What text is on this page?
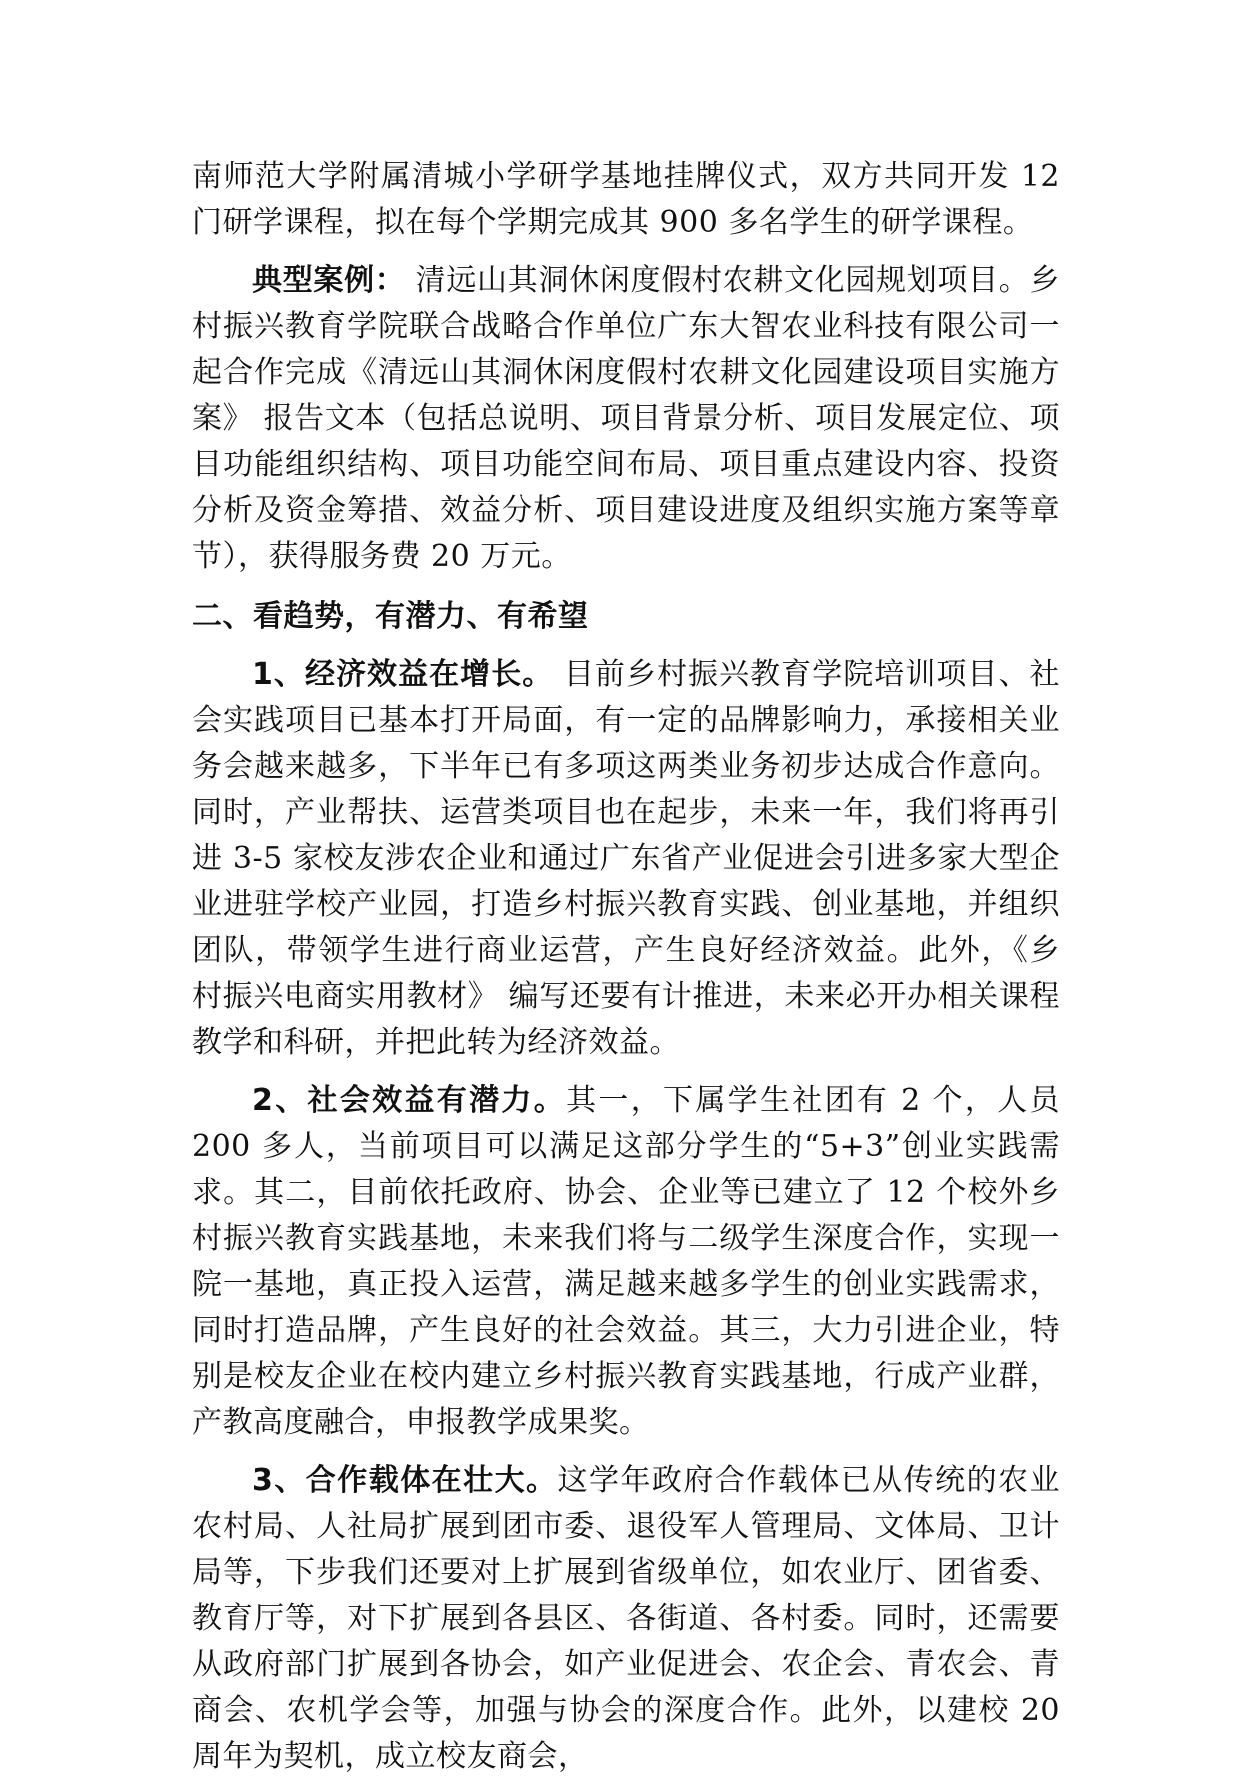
南师范大学附属清城小学研学基地挂牌仪式，双方共同开发 12 门研学课程，拟在每个学期完成其 900 多名学生的研学课程。

典型案例： 清远山其洞休闲度假村农耕文化园规划项目。乡村振兴教育学院联合战略合作单位广东大智农业科技有限公司一起合作完成《清远山其洞休闲度假村农耕文化园建设项目实施方案》 报告文本（包括总说明、项目背景分析、项目发展定位、项目功能组织结构、项目功能空间布局、项目重点建设内容、投资分析及资金筹措、效益分析、项目建设进度及组织实施方案等章节），获得服务费 20 万元。

二、看趋势，有潜力、有希望

1、经济效益在增长。 目前乡村振兴教育学院培训项目、社会实践项目已基本打开局面，有一定的品牌影响力，承接相关业务会越来越多，下半年已有多项这两类业务初步达成合作意向。同时，产业帮扶、运营类项目也在起步，未来一年，我们将再引进 3-5 家校友涉农企业和通过广东省产业促进会引进多家大型企业进驻学校产业园，打造乡村振兴教育实践、创业基地，并组织团队，带领学生进行商业运营，产生良好经济效益。此外，《乡村振兴电商实用教材》 编写还要有计推进，未来必开办相关课程教学和科研，并把此转为经济效益。

2、社会效益有潜力。其一，下属学生社团有 2 个，人员 200 多人，当前项目可以满足这部分学生的“5+3”创业实践需求。其二，目前依托政府、协会、企业等已建立了 12 个校外乡村振兴教育实践基地，未来我们将与二级学生深度合作，实现一院一基地，真正投入运营，满足越来越多学生的创业实践需求，同时打造品牌，产生良好的社会效益。其三，大力引进企业，特别是校友企业在校内建立乡村振兴教育实践基地，行成产业群，产教高度融合，申报教学成果奖。

3、合作载体在壮大。这学年政府合作载体已从传统的农业农村局、人社局扩展到团市委、退役军人管理局、文体局、卫计局等，下步我们还要对上扩展到省级单位，如农业厅、团省委、教育厅等，对下扩展到各县区、各街道、各村委。同时，还需要从政府部门扩展到各协会，如产业促进会、农企会、青农会、青商会、农机学会等，加强与协会的深度合作。此外，以建校 20 周年为契机，成立校友商会，
